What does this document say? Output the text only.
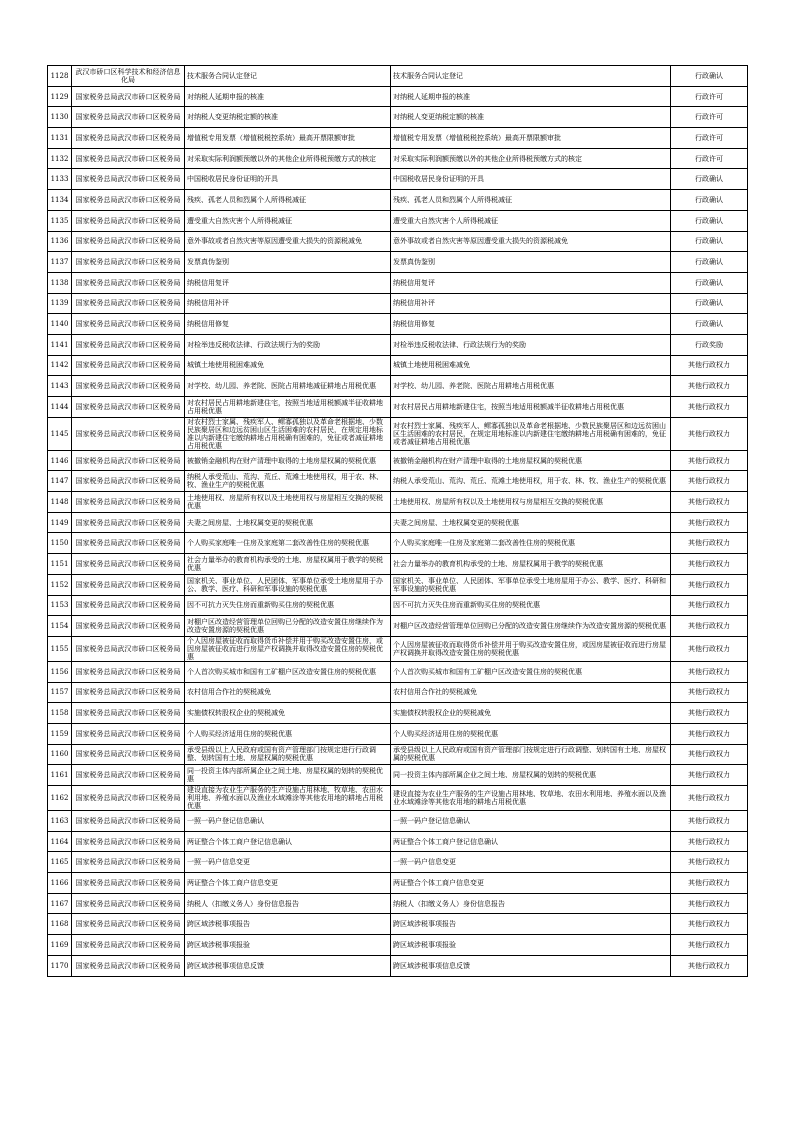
1128	武汉市硚口区科学技术和经济信息化局	技术服务合同认定登记	技术服务合同认定登记	行政确认
1129	国家税务总局武汉市硚口区税务局	对纳税人延期申报的核准	对纳税人延期申报的核准	行政许可
1130	国家税务总局武汉市硚口区税务局	对纳税人变更纳税定额的核准	对纳税人变更纳税定额的核准	行政许可
1131	国家税务总局武汉市硚口区税务局	增值税专用发票（增值税税控系统）最高开票限额审批	增值税专用发票（增值税税控系统）最高开票限额审批	行政许可
1132	国家税务总局武汉市硚口区税务局	对采取实际利润额预缴以外的其他企业所得税预缴方式的核定	对采取实际利润额预缴以外的其他企业所得税预缴方式的核定	行政许可
1133	国家税务总局武汉市硚口区税务局	中国税收居民身份证明的开具	中国税收居民身份证明的开具	行政确认
1134	国家税务总局武汉市硚口区税务局	残疾、孤老人员和烈属个人所得税减征	残疾、孤老人员和烈属个人所得税减征	行政确认
1135	国家税务总局武汉市硚口区税务局	遭受重大自然灾害个人所得税减征	遭受重大自然灾害个人所得税减征	行政确认
1136	国家税务总局武汉市硚口区税务局	意外事故或者自然灾害等原因遭受重大损失的资源税减免	意外事故或者自然灾害等原因遭受重大损失的资源税减免	行政确认
1137	国家税务总局武汉市硚口区税务局	发票真伪鉴别	发票真伪鉴别	行政确认
1138	国家税务总局武汉市硚口区税务局	纳税信用复评	纳税信用复评	行政确认
1139	国家税务总局武汉市硚口区税务局	纳税信用补评	纳税信用补评	行政确认
1140	国家税务总局武汉市硚口区税务局	纳税信用修复	纳税信用修复	行政确认
1141	国家税务总局武汉市硚口区税务局	对检举违反税收法律、行政法规行为的奖励	对检举违反税收法律、行政法规行为的奖励	行政奖励
1142	国家税务总局武汉市硚口区税务局	城镇土地使用税困难减免	城镇土地使用税困难减免	其他行政权力
1143	国家税务总局武汉市硚口区税务局	对学校、幼儿园、养老院、医院占用耕地减征耕地占用税优惠	对学校、幼儿园、养老院、医院占用耕地占用税优惠	其他行政权力
1144	国家税务总局武汉市硚口区税务局	对农村居民占用耕地新建住宅，按照当地适用税额减半征收耕地占用税优惠	对农村居民占用耕地新建住宅，按照当地适用税额减半征收耕地占用税优惠	其他行政权力
1145	国家税务总局武汉市硚口区税务局	对农村烈士家属、残疾军人、鳏寡孤独以及革命老根据地、少数民族聚居区和边远贫困山区生活困难的农村居民，在规定用地标准以内新建住宅缴纳耕地占用税确有困难的，免征或者减征耕地占用税优惠	对农村烈士家属、残疾军人、鳏寡孤独以及革命老根据地、少数民族聚居区和边远贫困山区生活困难的农村居民，在规定用地标准以内新建住宅缴纳耕地占用税确有困难的，免征或者减征耕地占用税优惠	其他行政权力
1146	国家税务总局武汉市硚口区税务局	被撤销金融机构在财产清理中取得的土地房屋权属的契税优惠	被撤销金融机构在财产清理中取得的土地房屋权属的契税优惠	其他行政权力
1147	国家税务总局武汉市硚口区税务局	纳税人承受荒山、荒沟、荒丘、荒滩土地使用权，用于农、林、牧、渔业生产的契税优惠	纳税人承受荒山、荒沟、荒丘、荒滩土地使用权，用于农、林、牧、渔业生产的契税优惠	其他行政权力
1148	国家税务总局武汉市硚口区税务局	土地使用权、房屋所有权以及土地使用权与房屋相互交换的契税优惠	土地使用权、房屋所有权以及土地使用权与房屋相互交换的契税优惠	其他行政权力
1149	国家税务总局武汉市硚口区税务局	夫妻之间房屋、土地权属变更的契税优惠	夫妻之间房屋、土地权属变更的契税优惠	其他行政权力
1150	国家税务总局武汉市硚口区税务局	个人购买家庭唯一住房及家庭第二套改善性住房的契税优惠	个人购买家庭唯一住房及家庭第二套改善性住房的契税优惠	其他行政权力
1151	国家税务总局武汉市硚口区税务局	社会力量举办的教育机构承受的土地、房屋权属用于教学的契税优惠	社会力量举办的教育机构承受的土地、房屋权属用于教学的契税优惠	其他行政权力
1152	国家税务总局武汉市硚口区税务局	国家机关、事业单位、人民团体、军事单位承受土地房屋用于办公、教学、医疗、科研和军事设施的契税优惠	国家机关、事业单位、人民团体、军事单位承受土地房屋用于办公、教学、医疗、科研和军事设施的契税优惠	其他行政权力
1153	国家税务总局武汉市硚口区税务局	因不可抗力灭失住房而重新购买住房的契税优惠	因不可抗力灭失住房而重新购买住房的契税优惠	其他行政权力
1154	国家税务总局武汉市硚口区税务局	对棚户区改造经营管理单位回购已分配的改造安置住房继续作为改造安置房源的契税优惠	对棚户区改造经营管理单位回购已分配的改造安置住房继续作为改造安置房源的契税优惠	其他行政权力
1155	国家税务总局武汉市硚口区税务局	个人因房屋被征收而取得货币补偿并用于购买改造安置住房，或因房屋被征收而进行房屋产权调换并取得改造安置住房的契税优惠	个人因房屋被征收而取得货币补偿并用于购买改造安置住房，或因房屋被征收而进行房屋产权调换并取得改造安置住房的契税优惠	其他行政权力
1156	国家税务总局武汉市硚口区税务局	个人首次购买城市和国有工矿棚户区改造安置住房的契税优惠	个人首次购买城市和国有工矿棚户区改造安置住房的契税优惠	其他行政权力
1157	国家税务总局武汉市硚口区税务局	农村信用合作社的契税减免	农村信用合作社的契税减免	其他行政权力
1158	国家税务总局武汉市硚口区税务局	实施债权转股权企业的契税减免	实施债权转股权企业的契税减免	其他行政权力
1159	国家税务总局武汉市硚口区税务局	个人购买经济适用住房的契税优惠	个人购买经济适用住房的契税优惠	其他行政权力
1160	国家税务总局武汉市硚口区税务局	承受县级以上人民政府或国有资产管理部门按规定进行行政调整、划转国有土地、房屋权属的契税优惠	承受县级以上人民政府或国有资产管理部门按规定进行行政调整、划转国有土地、房屋权属的契税优惠	其他行政权力
1161	国家税务总局武汉市硚口区税务局	同一投资主体内部所属企业之间土地、房屋权属的划转的契税优惠	同一投资主体内部所属企业之间土地、房屋权属的划转的契税优惠	其他行政权力
1162	国家税务总局武汉市硚口区税务局	建设直接为农业生产服务的生产设施占用林地、牧草地、农田水利用地、养殖水面以及渔业水域滩涂等其他农用地的耕地占用税优惠	建设直接为农业生产服务的生产设施占用林地、牧草地、农田水利用地、养殖水面以及渔业水域滩涂等其他农用地的耕地占用税优惠	其他行政权力
1163	国家税务总局武汉市硚口区税务局	一照一码户登记信息确认	一照一码户登记信息确认	其他行政权力
1164	国家税务总局武汉市硚口区税务局	两证整合个体工商户登记信息确认	两证整合个体工商户登记信息确认	其他行政权力
1165	国家税务总局武汉市硚口区税务局	一照一码户信息变更	一照一码户信息变更	其他行政权力
1166	国家税务总局武汉市硚口区税务局	两证整合个体工商户信息变更	两证整合个体工商户信息变更	其他行政权力
1167	国家税务总局武汉市硚口区税务局	纳税人（扣缴义务人）身份信息报告	纳税人（扣缴义务人）身份信息报告	其他行政权力
1168	国家税务总局武汉市硚口区税务局	跨区域涉税事项报告	跨区域涉税事项报告	其他行政权力
1169	国家税务总局武汉市硚口区税务局	跨区域涉税事项报验	跨区域涉税事项报验	其他行政权力
1170	国家税务总局武汉市硚口区税务局	跨区域涉税事项信息反馈	跨区域涉税事项信息反馈	其他行政权力
